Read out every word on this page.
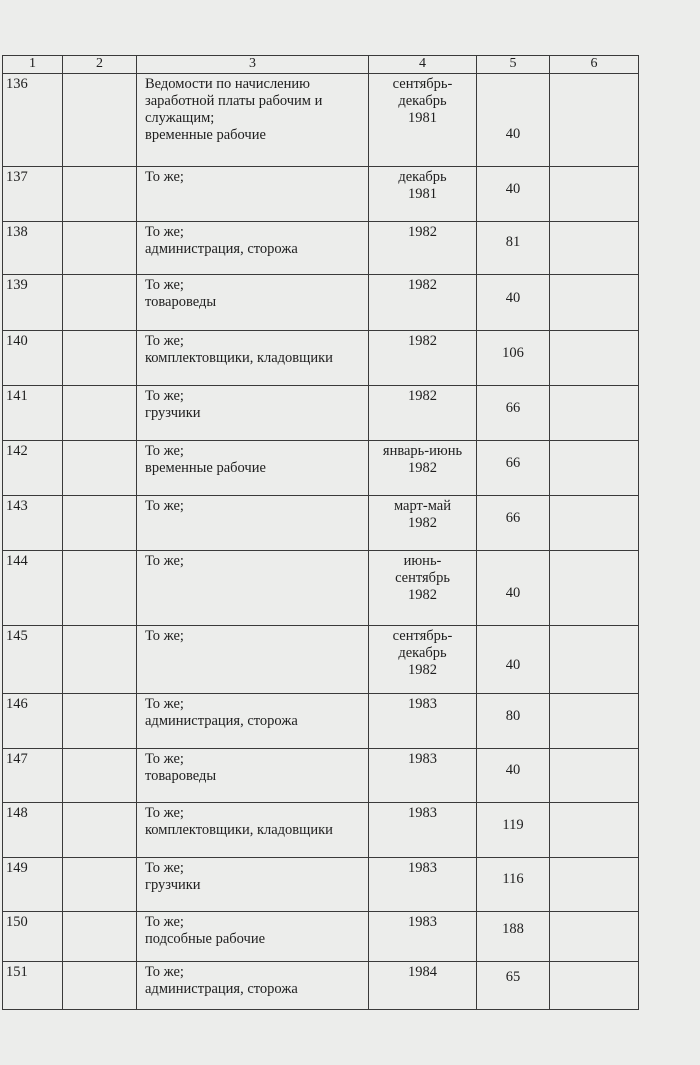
1	2	3	4	5	6
136		Ведомости по начислению
заработной платы рабочим и
служащим;
временные рабочие	сентябрь-
декабрь
1981	40	
137		То же;	декабрь
1981	40	
138		То же;
администрация, сторожа	1982	81	
139		То же;
товароведы	1982	40	
140		То же;
комплектовщики, кладовщики	1982	106	
141		То же;
грузчики	1982	66	
142		То же;
временные рабочие	январь-июнь
1982	66	
143		То же;	март-май
1982	66	
144		То же;	июнь-
сентябрь
1982	40	
145		То же;	сентябрь-
декабрь
1982	40	
146		То же;
администрация, сторожа	1983	80	
147		То же;
товароведы	1983	40	
148		То же;
комплектовщики, кладовщики	1983	119	
149		То же;
грузчики	1983	116	
150		То же;
подсобные рабочие	1983	188	
151		То же;
администрация, сторожа	1984	65	
